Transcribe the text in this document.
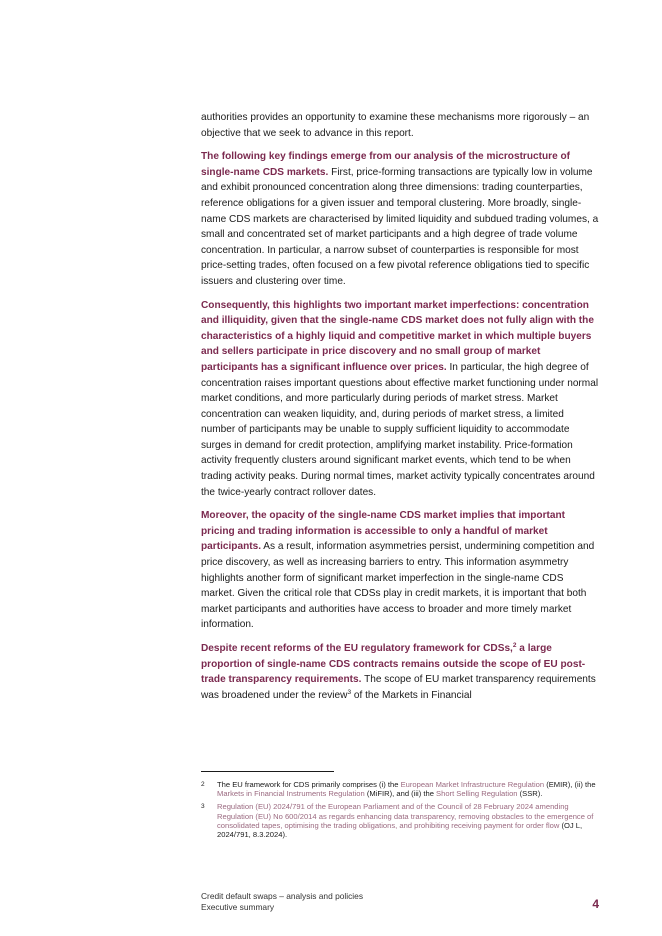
authorities provides an opportunity to examine these mechanisms more rigorously – an objective that we seek to advance in this report.

The following key findings emerge from our analysis of the microstructure of single-name CDS markets. First, price-forming transactions are typically low in volume and exhibit pronounced concentration along three dimensions: trading counterparties, reference obligations for a given issuer and temporal clustering. More broadly, single-name CDS markets are characterised by limited liquidity and subdued trading volumes, a small and concentrated set of market participants and a high degree of trade volume concentration. In particular, a narrow subset of counterparties is responsible for most price-setting trades, often focused on a few pivotal reference obligations tied to specific issuers and clustering over time.

Consequently, this highlights two important market imperfections: concentration and illiquidity, given that the single-name CDS market does not fully align with the characteristics of a highly liquid and competitive market in which multiple buyers and sellers participate in price discovery and no small group of market participants has a significant influence over prices. In particular, the high degree of concentration raises important questions about effective market functioning under normal market conditions, and more particularly during periods of market stress. Market concentration can weaken liquidity, and, during periods of market stress, a limited number of participants may be unable to supply sufficient liquidity to accommodate surges in demand for credit protection, amplifying market instability. Price-formation activity frequently clusters around significant market events, which tend to be when trading activity peaks. During normal times, market activity typically concentrates around the twice-yearly contract rollover dates.

Moreover, the opacity of the single-name CDS market implies that important pricing and trading information is accessible to only a handful of market participants. As a result, information asymmetries persist, undermining competition and price discovery, as well as increasing barriers to entry. This information asymmetry highlights another form of significant market imperfection in the single-name CDS market. Given the critical role that CDSs play in credit markets, it is important that both market participants and authorities have access to broader and more timely market information.

Despite recent reforms of the EU regulatory framework for CDSs,$^2$ a large proportion of single-name CDS contracts remains outside the scope of EU post-trade transparency requirements. The scope of EU market transparency requirements was broadened under the review$^3$ of the Markets in Financial

2	The EU framework for CDS primarily comprises (i) the European Market Infrastructure Regulation (EMIR), (ii) the Markets in Financial Instruments Regulation (MiFIR), and (iii) the Short Selling Regulation (SSR).
3	Regulation (EU) 2024/791 of the European Parliament and of the Council of 28 February 2024 amending Regulation (EU) No 600/2014 as regards enhancing data transparency, removing obstacles to the emergence of consolidated tapes, optimising the trading obligations, and prohibiting receiving payment for order flow (OJ L, 2024/791, 8.3.2024).
Credit default swaps – analysis and policies
Executive summary	4
